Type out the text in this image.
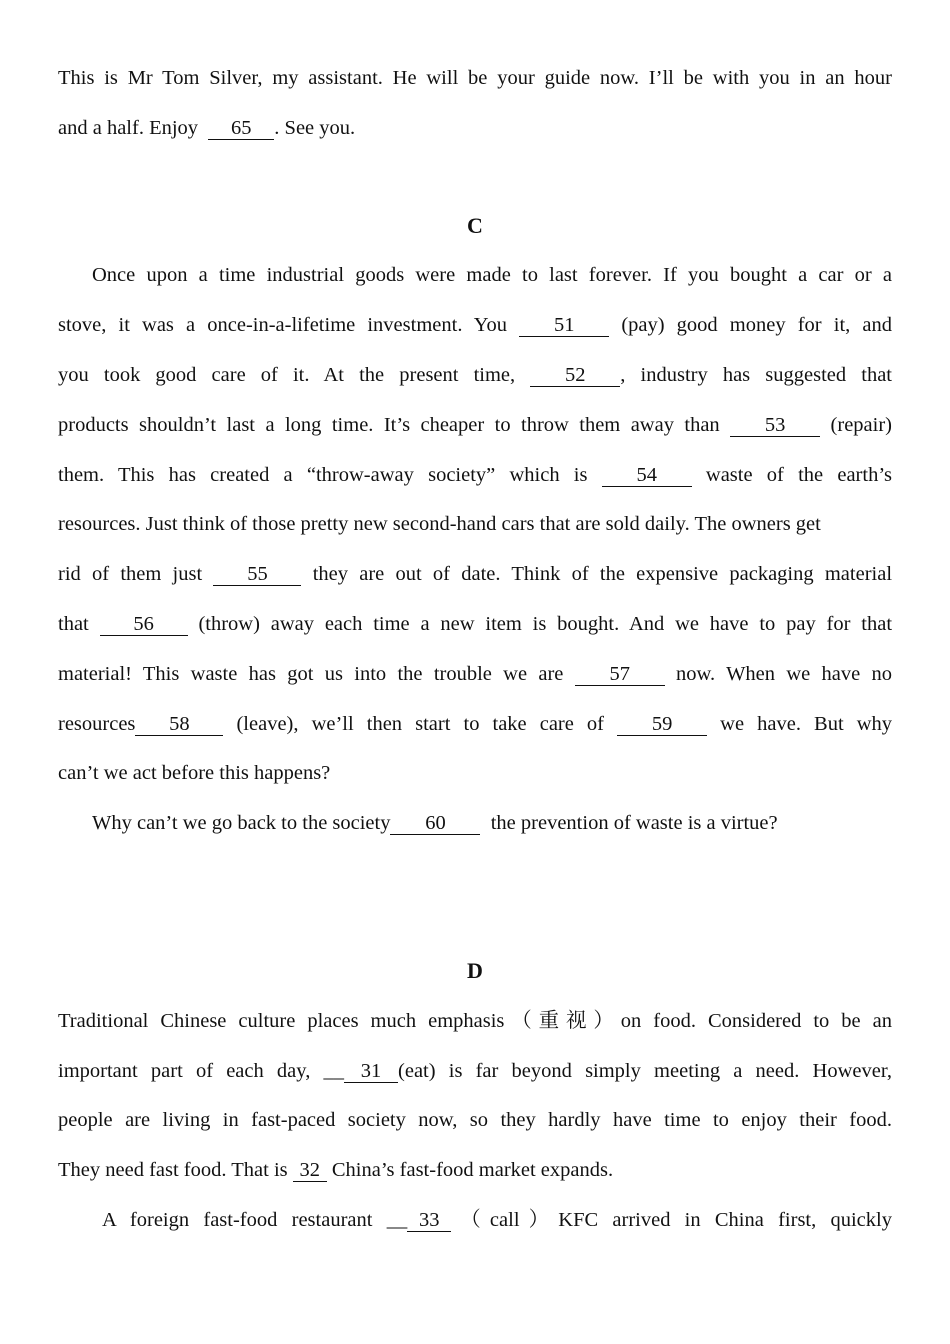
This is Mr Tom Silver, my assistant. He will be your guide now. I’ll be with you in an hour
and a half. Enjoy 65 . See you.
C
Once upon a time industrial goods were made to last forever. If you bought a car or a
stove, it was a once-in-a-lifetime investment. You 51 (pay) good money for it, and
you took good care of it. At the present time, 52 , industry has suggested that
products shouldn’t last a long time. It’s cheaper to throw them away than 53 (repair)
them. This has created a “throw-away society” which is 54 waste of the earth’s
resources. Just think of those pretty new second-hand cars that are sold daily. The owners get
rid of them just 55 they are out of date. Think of the expensive packaging material
that 56 (throw) away each time a new item is bought. And we have to pay for that
material! This waste has got us into the trouble we are 57 now. When we have no
resources 58 (leave), we’ll then start to take care of 59 we have. But why
can’t we act before this happens?
Why can’t we go back to the society 60 the prevention of waste is a virtue?
D
Traditional Chinese culture places much emphasis（重视）on food. Considered to be an
important part of each day, __ 31 (eat) is far beyond simply meeting a need. However,
people are living in fast-paced society now, so they hardly have time to enjoy their food.
They need fast food. That is 32 China’s fast-food market expands.
A foreign fast-food restaurant __ 33 （call）KFC arrived in China first, quickly
